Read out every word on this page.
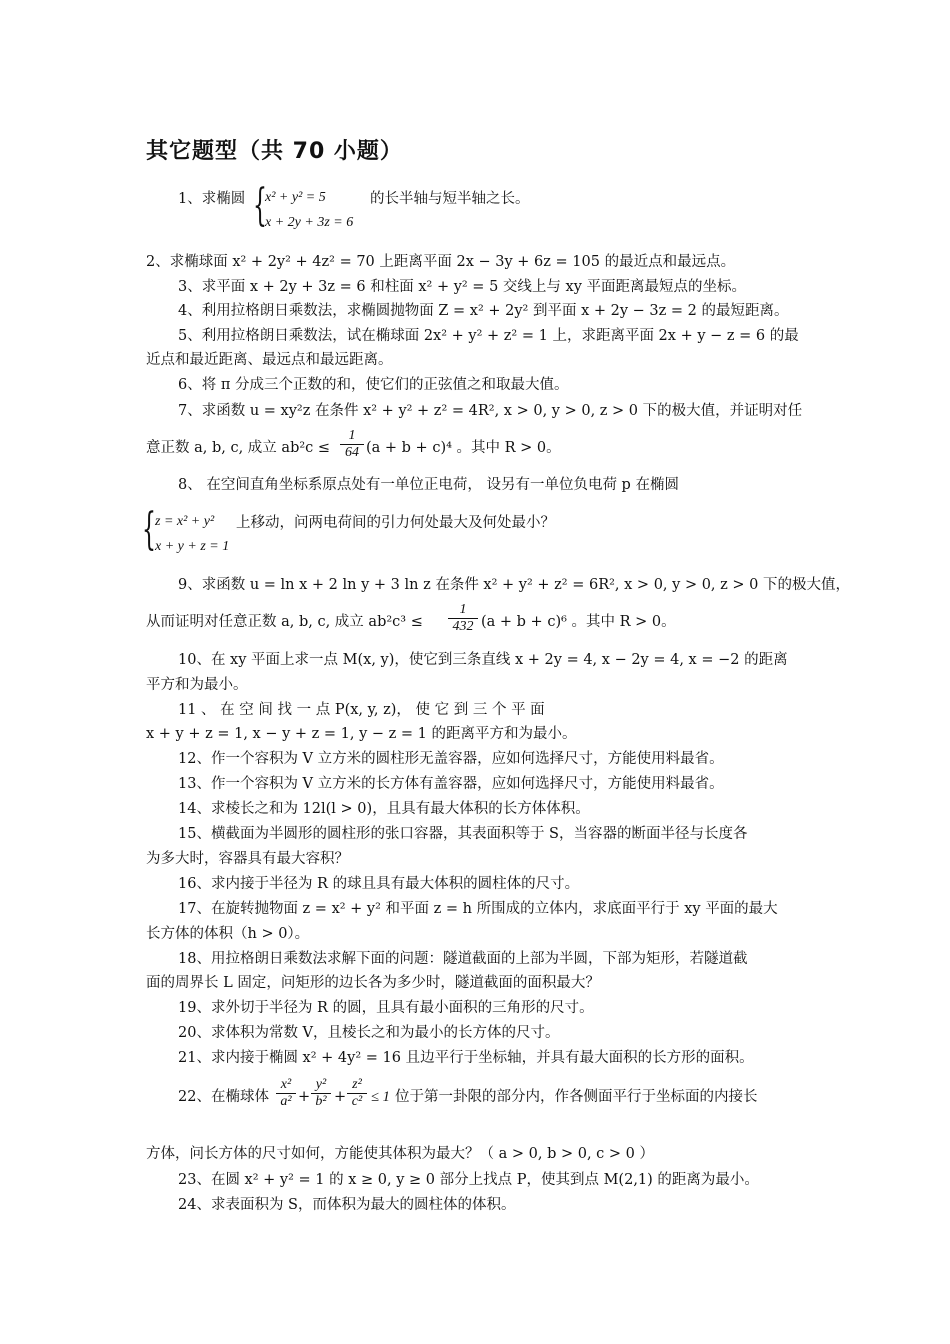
其它题型（共 70 小题）
1、求椭圆 {
x² + y² = 5
x + 2y + 3z = 6
的长半轴与短半轴之长。
2、求椭球面 x² + 2y² + 4z² = 70 上距离平面 2x − 3y + 6z = 105 的最近点和最远点。
3、求平面 x + 2y + 3z = 6 和柱面 x² + y² = 5 交线上与 xy 平面距离最短点的坐标。
4、利用拉格朗日乘数法，求椭圆抛物面 Z = x² + 2y² 到平面 x + 2y − 3z = 2 的最短距离。
5、利用拉格朗日乘数法，试在椭球面 2x² + y² + z² = 1 上，求距离平面 2x + y − z = 6 的最
近点和最近距离、最远点和最远距离。
6、将 π 分成三个正数的和，使它们的正弦值之和取最大值。
7、求函数 u = xy²z 在条件 x² + y² + z² = 4R², x > 0, y > 0, z > 0 下的极大值，并证明对任
意正数 a, b, c, 成立 $ab^2c \le \frac{1}{64} (a + b + c)^4$ 。其中 R > 0。
8、 在空间直角坐标系原点处有一单位正电荷， 设另有一单位负电荷 p 在椭圆
{ z = x² + y²
x + y + z = 1
上移动，问两电荷间的引力何处最大及何处最小？
9、求函数 u = ln x + 2 ln y + 3 ln z 在条件 x² + y² + z² = 6R², x > 0, y > 0, z > 0 下的极大值，
从而证明对任意正数 a, b, c, 成立 ab²c³ ≤	$\frac{1}{432} (a + b + c)^6$ 。其中 R > 0。
10、在 xy 平面上求一点 M(x, y)，使它到三条直线 x + 2y = 4, x − 2y = 4, x = −2 的距离
平方和为最小。
11 、 在 空 间 找 一 点 P(x, y, z)， 使 它 到 三 个 平 面
x + y + z = 1, x − y + z = 1, y − z = 1 的距离平方和为最小。
12、作一个容积为 V 立方米的圆柱形无盖容器，应如何选择尺寸，方能使用料最省。
13、作一个容积为 V 立方米的长方体有盖容器，应如何选择尺寸，方能使用料最省。
14、求棱长之和为 12l(l > 0)，且具有最大体积的长方体体积。
15、横截面为半圆形的圆柱形的张口容器，其表面积等于 S，当容器的断面半径与长度各
为多大时，容器具有最大容积？
16、求内接于半径为 R 的球且具有最大体积的圆柱体的尺寸。
17、在旋转抛物面 z = x² + y² 和平面 z = h 所围成的立体内，求底面平行于 xy 平面的最大
长方体的体积（h > 0）。
18、用拉格朗日乘数法求解下面的问题：隧道截面的上部为半圆，下部为矩形，若隧道截
面的周界长 L 固定，问矩形的边长各为多少时，隧道截面的面积最大？
19、求外切于半径为 R 的圆，且具有最小面积的三角形的尺寸。
20、求体积为常数 V，且棱长之和为最小的长方体的尺寸。
21、求内接于椭圆 x² + 4y² = 16 且边平行于坐标轴，并具有最大面积的长方形的面积。
22、在椭球体 $\frac{\text{x²}}{\text{a²}} + \frac{\text{y²}}{\text{b²}} + \frac{\text{z²}}{\text{c²}} \le 1$ 位于第一卦限的部分内，作各侧面平行于坐标面的内接长
方体，问长方体的尺寸如何，方能使其体积为最大？（ a > 0, b > 0, c > 0 ）
23、在圆 x² + y² = 1 的 x ≥ 0, y ≥ 0 部分上找点 P，使其到点 M(2,1) 的距离为最小。
24、求表面积为 S，而体积为最大的圆柱体的体积。
